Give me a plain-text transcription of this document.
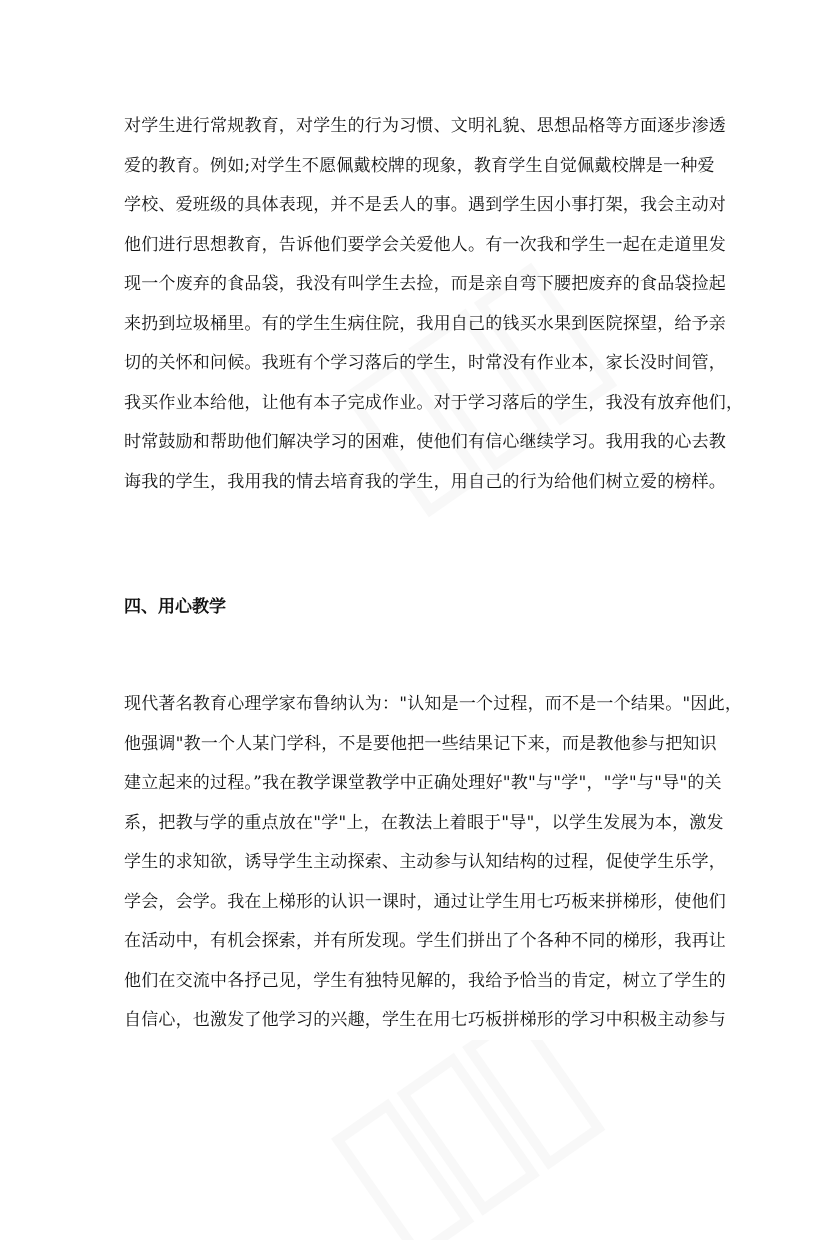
对学生进行常规教育，对学生的行为习惯、文明礼貌、思想品格等方面逐步渗透
爱的教育。例如;对学生不愿佩戴校牌的现象，教育学生自觉佩戴校牌是一种爱
学校、爱班级的具体表现，并不是丢人的事。遇到学生因小事打架，我会主动对
他们进行思想教育，告诉他们要学会关爱他人。有一次我和学生一起在走道里发
现一个废弃的食品袋，我没有叫学生去捡，而是亲自弯下腰把废弃的食品袋捡起
来扔到垃圾桶里。有的学生生病住院，我用自己的钱买水果到医院探望，给予亲
切的关怀和问候。我班有个学习落后的学生，时常没有作业本，家长没时间管，
我买作业本给他，让他有本子完成作业。对于学习落后的学生，我没有放弃他们，
时常鼓励和帮助他们解决学习的困难，使他们有信心继续学习。我用我的心去教
诲我的学生，我用我的情去培育我的学生，用自己的行为给他们树立爱的榜样。
四、用心教学
现代著名教育心理学家布鲁纳认为："认知是一个过程，而不是一个结果。"因此，
他强调"教一个人某门学科，不是要他把一些结果记下来，而是教他参与把知识
建立起来的过程。”我在教学课堂教学中正确处理好"教"与"学"，"学"与"导"的关
系，把教与学的重点放在"学"上，在教法上着眼于"导"，以学生发展为本，激发
学生的求知欲，诱导学生主动探索、主动参与认知结构的过程，促使学生乐学，
学会，会学。我在上梯形的认识一课时，通过让学生用七巧板来拼梯形，使他们
在活动中，有机会探索，并有所发现。学生们拼出了个各种不同的梯形，我再让
他们在交流中各抒己见，学生有独特见解的，我给予恰当的肯定，树立了学生的
自信心，也激发了他学习的兴趣，学生在用七巧板拼梯形的学习中积极主动参与
